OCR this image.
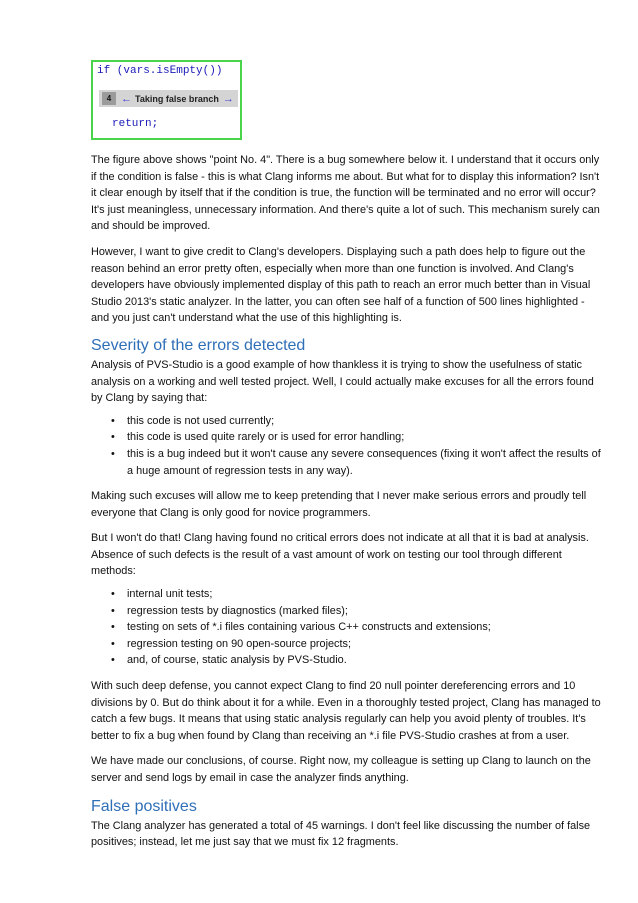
if (vars.isEmpty())
4 ← Taking false branch →
return;

The figure above shows "point No. 4". There is a bug somewhere below it. I understand that it occurs only if the condition is false - this is what Clang informs me about. But what for to display this information? Isn't it clear enough by itself that if the condition is true, the function will be terminated and no error will occur? It's just meaningless, unnecessary information. And there's quite a lot of such. This mechanism surely can and should be improved.

However, I want to give credit to Clang's developers. Displaying such a path does help to figure out the reason behind an error pretty often, especially when more than one function is involved. And Clang's developers have obviously implemented display of this path to reach an error much better than in Visual Studio 2013's static analyzer. In the latter, you can often see half of a function of 500 lines highlighted - and you just can't understand what the use of this highlighting is.

Severity of the errors detected

Analysis of PVS-Studio is a good example of how thankless it is trying to show the usefulness of static analysis on a working and well tested project. Well, I could actually make excuses for all the errors found by Clang by saying that:

• this code is not used currently;
• this code is used quite rarely or is used for error handling;
• this is a bug indeed but it won't cause any severe consequences (fixing it won't affect the results of a huge amount of regression tests in any way).

Making such excuses will allow me to keep pretending that I never make serious errors and proudly tell everyone that Clang is only good for novice programmers.

But I won't do that! Clang having found no critical errors does not indicate at all that it is bad at analysis. Absence of such defects is the result of a vast amount of work on testing our tool through different methods:

• internal unit tests;
• regression tests by diagnostics (marked files);
• testing on sets of *.i files containing various C++ constructs and extensions;
• regression testing on 90 open-source projects;
• and, of course, static analysis by PVS-Studio.

With such deep defense, you cannot expect Clang to find 20 null pointer dereferencing errors and 10 divisions by 0. But do think about it for a while. Even in a thoroughly tested project, Clang has managed to catch a few bugs. It means that using static analysis regularly can help you avoid plenty of troubles. It's better to fix a bug when found by Clang than receiving an *.i file PVS-Studio crashes at from a user.

We have made our conclusions, of course. Right now, my colleague is setting up Clang to launch on the server and send logs by email in case the analyzer finds anything.

False positives

The Clang analyzer has generated a total of 45 warnings. I don't feel like discussing the number of false positives; instead, let me just say that we must fix 12 fragments.
